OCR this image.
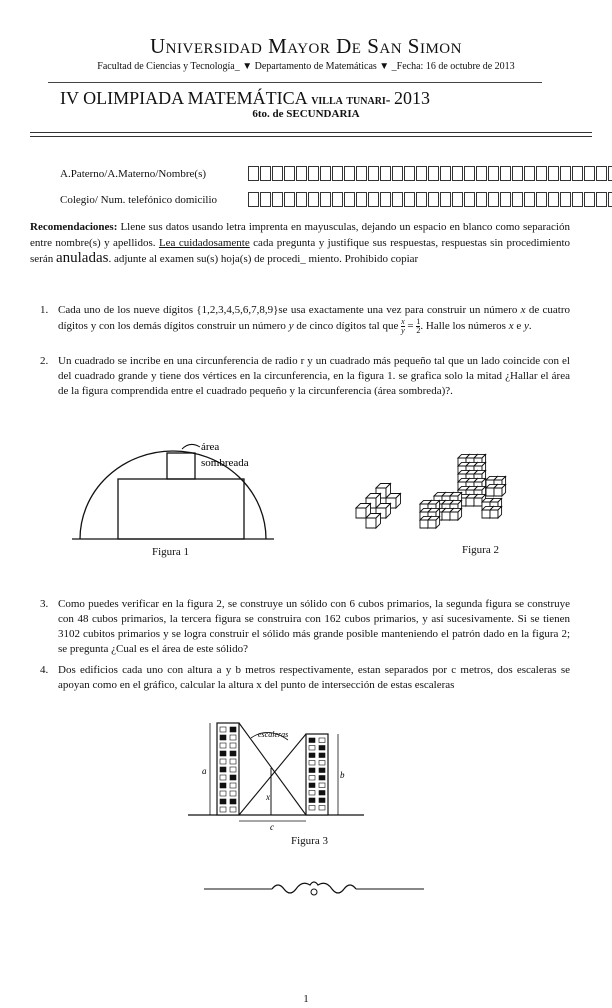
Universidad Mayor De San Simon
Facultad de Ciencias y Tecnología_ ▼ Departamento de Matemáticas ▼ _Fecha: 16 de octubre de 2013
IV OLIMPIADA MATEMÁTICA villa tunari- 2013
6to. de SECUNDARIA
A.Paterno/A.Materno/Nombre(s)
Colegio/ Num. telefónico domicilio
Recomendaciones: Llene sus datos usando letra imprenta en mayusculas, dejando un espacio en blanco como separación entre nombre(s) y apellidos. Lea cuidadosamente cada pregunta y justifique sus respuestas, respuestas sin procedimiento serán anuladas. adjunte al examen su(s) hoja(s) de procedi_ miento. Prohibido copiar
1. Cada uno de los nueve dígitos {1,2,3,4,5,6,7,8,9}se usa exactamente una vez para construir un número x de cuatro dígitos y con los demás dígitos construir un número y de cinco dígitos tal que $\frac{x}{y} = \frac{1}{2}$ . Halle los números x e y.
2. Un cuadrado se incribe en una circunferencia de radio r y un cuadrado más pequeño tal que un lado coincide con el del cuadrado grande y tiene dos vértices en la circunferencia, en la figura 1. se grafica solo la mitad ¿Hallar el área de la figura comprendida entre el cuadrado pequeño y la circunferencia (área sombreda)?.
área
sombreada
Figura 1	Figura 2
3. Como puedes verificar en la figura 2, se construye un sólido con 6 cubos primarios, la segunda figura se construye con 48 cubos primarios, la tercera figura se construira con 162 cubos primarios, y así sucesivamente. Si se tienen 3102 cubitos primarios y se logra construir el sólido más grande posible manteniendo el patrón dado en la figura 2; se pregunta ¿Cual es el área de este sólido?
4. Dos edificios cada uno con altura a y b metros respectivamente, estan separados por c metros, dos escaleras se apoyan como en el gráfico, calcular la altura x del punto de intersección de estas escaleras
escaleras
a	b
x
c
Figura 3
1
